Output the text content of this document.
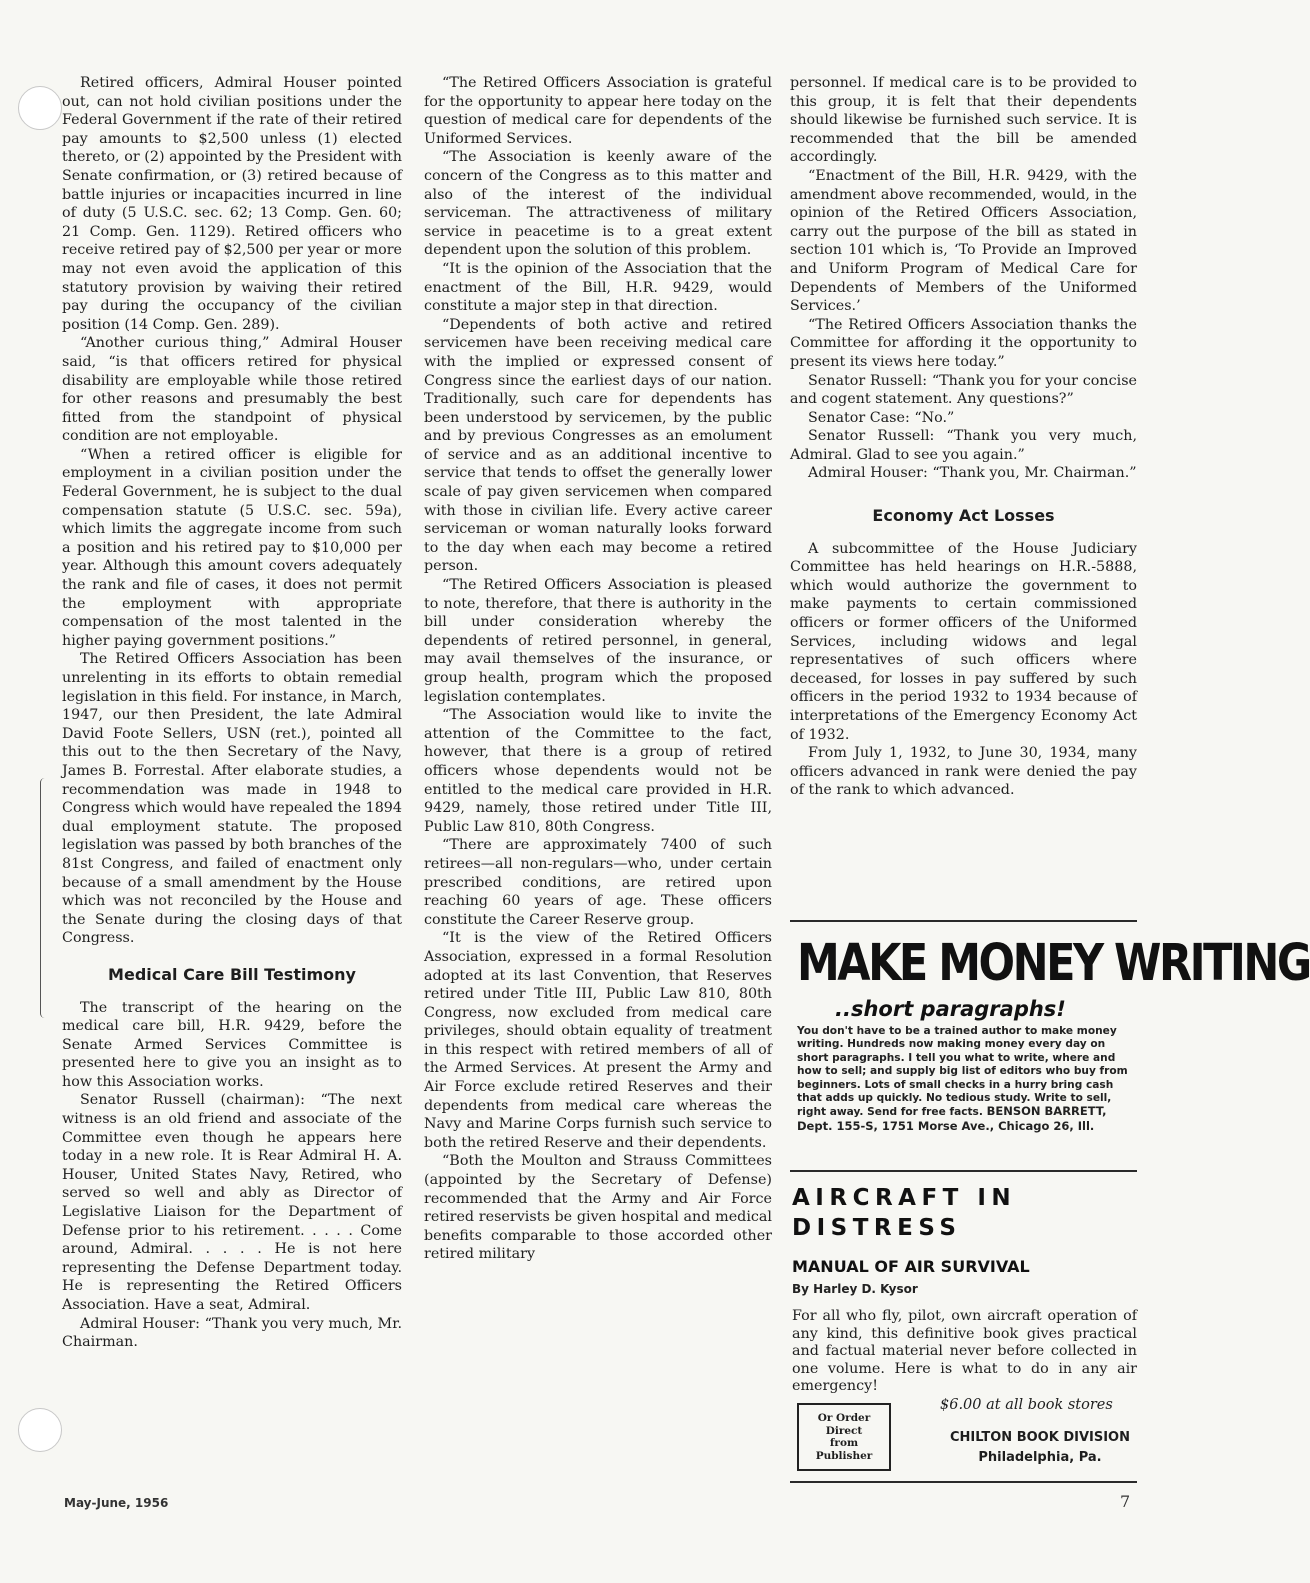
Retired officers, Admiral Houser pointed out, can not hold civilian positions under the Federal Government if the rate of their retired pay amounts to $2,500 unless (1) elected thereto, or (2) appointed by the President with Senate confirmation, or (3) retired because of battle injuries or incapacities incurred in line of duty (5 U.S.C. sec. 62; 13 Comp. Gen. 60; 21 Comp. Gen. 1129). Retired officers who receive retired pay of $2,500 per year or more may not even avoid the application of this statutory provision by waiving their retired pay during the occupancy of the civilian position (14 Comp. Gen. 289).

“Another curious thing,” Admiral Houser said, “is that officers retired for physical disability are employable while those retired for other reasons and presumably the best fitted from the standpoint of physical condition are not employable.

“When a retired officer is eligible for employment in a civilian position under the Federal Government, he is subject to the dual compensation statute (5 U.S.C. sec. 59a), which limits the aggregate income from such a position and his retired pay to $10,000 per year. Although this amount covers adequately the rank and file of cases, it does not permit the employment with appropriate compensation of the most talented in the higher paying government positions.”

The Retired Officers Association has been unrelenting in its efforts to obtain remedial legislation in this field. For instance, in March, 1947, our then President, the late Admiral David Foote Sellers, USN (ret.), pointed all this out to the then Secretary of the Navy, James B. Forrestal. After elaborate studies, a recommendation was made in 1948 to Congress which would have repealed the 1894 dual employment statute. The proposed legislation was passed by both branches of the 81st Congress, and failed of enactment only because of a small amendment by the House which was not reconciled by the House and the Senate during the closing days of that Congress.

Medical Care Bill Testimony

The transcript of the hearing on the medical care bill, H.R. 9429, before the Senate Armed Services Committee is presented here to give you an insight as to how this Association works.

Senator Russell (chairman): “The next witness is an old friend and associate of the Committee even though he appears here today in a new role. It is Rear Admiral H. A. Houser, United States Navy, Retired, who served so well and ably as Director of Legislative Liaison for the Department of Defense prior to his retirement. . . . . Come around, Admiral. . . . . He is not here representing the Defense Department today. He is representing the Retired Officers Association. Have a seat, Admiral.

Admiral Houser: “Thank you very much, Mr. Chairman.

“The Retired Officers Association is grateful for the opportunity to appear here today on the question of medical care for dependents of the Uniformed Services.

“The Association is keenly aware of the concern of the Congress as to this matter and also of the interest of the individual serviceman. The attractiveness of military service in peacetime is to a great extent dependent upon the solution of this problem.

“It is the opinion of the Association that the enactment of the Bill, H.R. 9429, would constitute a major step in that direction.

“Dependents of both active and retired servicemen have been receiving medical care with the implied or expressed consent of Congress since the earliest days of our nation. Traditionally, such care for dependents has been understood by servicemen, by the public and by previous Congresses as an emolument of service and as an additional incentive to service that tends to offset the generally lower scale of pay given servicemen when compared with those in civilian life. Every active career serviceman or woman naturally looks forward to the day when each may become a retired person.

“The Retired Officers Association is pleased to note, therefore, that there is authority in the bill under consideration whereby the dependents of retired personnel, in general, may avail themselves of the insurance, or group health, program which the proposed legislation contemplates.

“The Association would like to invite the attention of the Committee to the fact, however, that there is a group of retired officers whose dependents would not be entitled to the medical care provided in H.R. 9429, namely, those retired under Title III, Public Law 810, 80th Congress.

“There are approximately 7400 of such retirees—all non-regulars—who, under certain prescribed conditions, are retired upon reaching 60 years of age. These officers constitute the Career Reserve group.

“It is the view of the Retired Officers Association, expressed in a formal Resolution adopted at its last Convention, that Reserves retired under Title III, Public Law 810, 80th Congress, now excluded from medical care privileges, should obtain equality of treatment in this respect with retired members of all of the Armed Services. At present the Army and Air Force exclude retired Reserves and their dependents from medical care whereas the Navy and Marine Corps furnish such service to both the retired Reserve and their dependents.

“Both the Moulton and Strauss Committees (appointed by the Secretary of Defense) recommended that the Army and Air Force retired reservists be given hospital and medical benefits comparable to those accorded other retired military

personnel. If medical care is to be provided to this group, it is felt that their dependents should likewise be furnished such service. It is recommended that the bill be amended accordingly.

“Enactment of the Bill, H.R. 9429, with the amendment above recommended, would, in the opinion of the Retired Officers Association, carry out the purpose of the bill as stated in section 101 which is, ‘To Provide an Improved and Uniform Program of Medical Care for Dependents of Members of the Uniformed Services.’

“The Retired Officers Association thanks the Committee for affording it the opportunity to present its views here today.”

Senator Russell: “Thank you for your concise and cogent statement. Any questions?”

Senator Case: “No.”

Senator Russell: “Thank you very much, Admiral. Glad to see you again.”

Admiral Houser: “Thank you, Mr. Chairman.”

Economy Act Losses

A subcommittee of the House Judiciary Committee has held hearings on H.R.-5888, which would authorize the government to make payments to certain commissioned officers or former officers of the Uniformed Services, including widows and legal representatives of such officers where deceased, for losses in pay suffered by such officers in the period 1932 to 1934 because of interpretations of the Emergency Economy Act of 1932.

From July 1, 1932, to June 30, 1934, many officers advanced in rank were denied the pay of the rank to which advanced.

MAKE MONEY WRITING
..short paragraphs!
You don't have to be a trained author to make money writing. Hundreds now making money every day on short paragraphs. I tell you what to write, where and how to sell; and supply big list of editors who buy from beginners. Lots of small checks in a hurry bring cash that adds up quickly. No tedious study. Write to sell, right away. Send for free facts. BENSON BARRETT, Dept. 155-S, 1751 Morse Ave., Chicago 26, Ill.
AIRCRAFT IN
DISTRESS
MANUAL OF AIR SURVIVAL
By Harley D. Kysor
For all who fly, pilot, own aircraft operation of any kind, this definitive book gives practical and factual material never before collected in one volume. Here is what to do in any air emergency!
Or Order
Direct
from
Publisher
$6.00 at all book stores
CHILTON BOOK DIVISION
Philadelphia, Pa.
May-June, 1956	7
